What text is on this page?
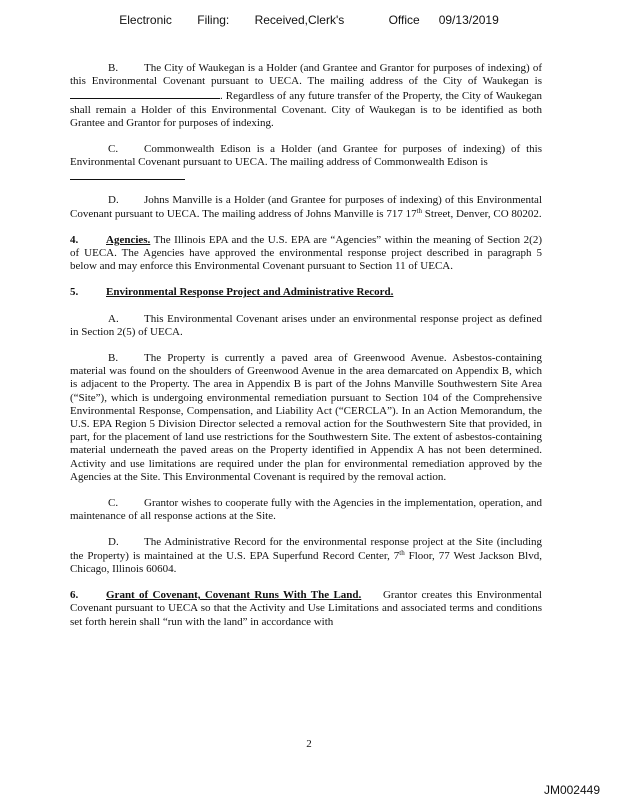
Electronic    Filing:    Received,Clerk's       Office   09/13/2019

B. The City of Waukegan is a Holder (and Grantee and Grantor for purposes of indexing) of this Environmental Covenant pursuant to UECA. The mailing address of the City of Waukegan is . Regardless of any future transfer of the Property, the City of Waukegan shall remain a Holder of this Environmental Covenant. City of Waukegan is to be identified as both Grantee and Grantor for purposes of indexing.

C. Commonwealth Edison is a Holder (and Grantee for purposes of indexing) of this Environmental Covenant pursuant to UECA. The mailing address of Commonwealth Edison is

D. Johns Manville is a Holder (and Grantee for purposes of indexing) of this Environmental Covenant pursuant to UECA. The mailing address of Johns Manville is 717 17th Street, Denver, CO 80202.

4.	Agencies. The Illinois EPA and the U.S. EPA are “Agencies” within the meaning of Section 2(2) of UECA. The Agencies have approved the environmental response project described in paragraph 5 below and may enforce this Environmental Covenant pursuant to Section 11 of UECA.

5.	Environmental Response Project and Administrative Record.

A. This Environmental Covenant arises under an environmental response project as defined in Section 2(5) of UECA.

B. The Property is currently a paved area of Greenwood Avenue. Asbestos-containing material was found on the shoulders of Greenwood Avenue in the area demarcated on Appendix B, which is adjacent to the Property. The area in Appendix B is part of the Johns Manville Southwestern Site Area (“Site”), which is undergoing environmental remediation pursuant to Section 104 of the Comprehensive Environmental Response, Compensation, and Liability Act (“CERCLA”). In an Action Memorandum, the U.S. EPA Region 5 Division Director selected a removal action for the Southwestern Site that provided, in part, for the placement of land use restrictions for the Southwestern Site. The extent of asbestos-containing material underneath the paved areas on the Property identified in Appendix A has not been determined. Activity and use limitations are required under the plan for environmental remediation approved by the Agencies at the Site. This Environmental Covenant is required by the removal action.

C. Grantor wishes to cooperate fully with the Agencies in the implementation, operation, and maintenance of all response actions at the Site.

D. The Administrative Record for the environmental response project at the Site (including the Property) is maintained at the U.S. EPA Superfund Record Center, 7th Floor, 77 West Jackson Blvd, Chicago, Illinois 60604.

6.	Grant of Covenant, Covenant Runs With The Land.     Grantor creates this Environmental Covenant pursuant to UECA so that the Activity and Use Limitations and associated terms and conditions set forth herein shall “run with the land” in accordance with

2
JM002449
